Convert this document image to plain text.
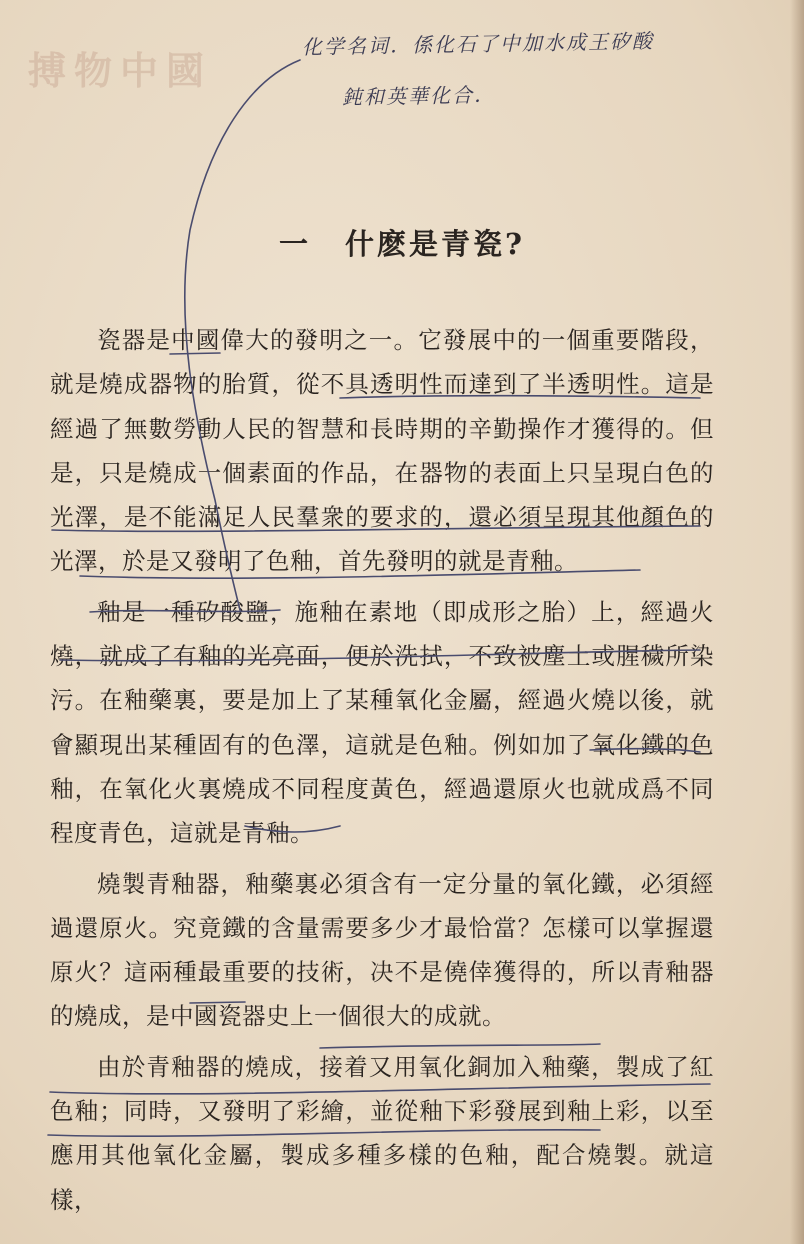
搏物中國
化学名词．係化石了中加水成王矽酸
鈍和英華化合．
一 什麽是青瓷?

瓷器是中國偉大的發明之一。它發展中的一個重要階段，就是燒成器物的胎質，從不具透明性而達到了半透明性。這是經過了無數勞動人民的智慧和長時期的辛勤操作才獲得的。但是，只是燒成一個素面的作品，在器物的表面上只呈現白色的光澤，是不能滿足人民羣衆的要求的，還必須呈現其他顏色的光澤，於是又發明了色釉，首先發明的就是青釉。

釉是一種矽酸鹽，施釉在素地（即成形之胎）上，經過火燒，就成了有釉的光亮面，便於洗拭，不致被塵土或腥穢所染污。在釉藥裏，要是加上了某種氧化金屬，經過火燒以後，就會顯現出某種固有的色澤，這就是色釉。例如加了氧化鐵的色釉，在氧化火裏燒成不同程度黃色，經過還原火也就成爲不同程度青色，這就是青釉。

燒製青釉器，釉藥裏必須含有一定分量的氧化鐵，必須經過還原火。究竟鐵的含量需要多少才最恰當？怎樣可以掌握還原火？這兩種最重要的技術，决不是僥倖獲得的，所以青釉器的燒成，是中國瓷器史上一個很大的成就。

由於青釉器的燒成，接着又用氧化銅加入釉藥，製成了紅色釉；同時，又發明了彩繪，並從釉下彩發展到釉上彩，以至應用其他氧化金屬，製成多種多樣的色釉，配合燒製。就這樣，
